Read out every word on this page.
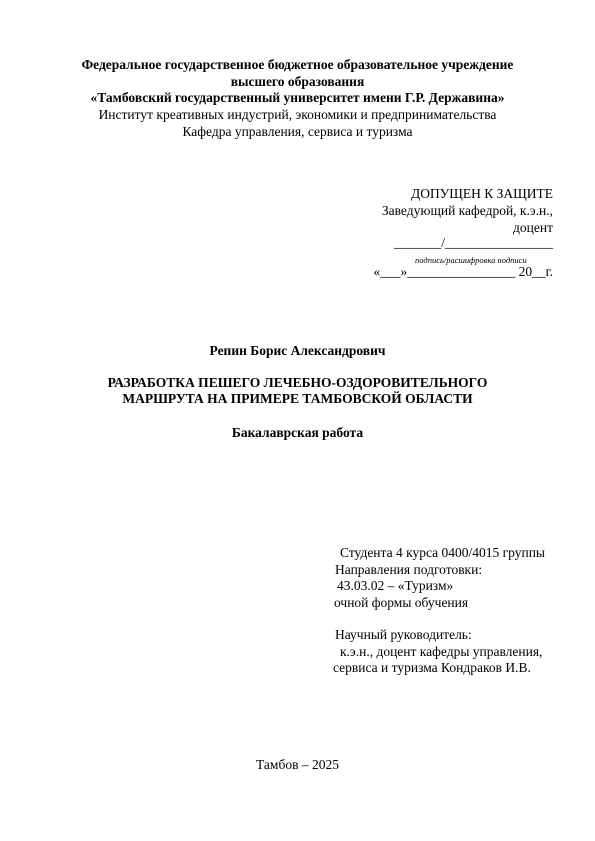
Федеральное государственное бюджетное образовательное учреждение
высшего образования
«Тамбовский государственный университет имени Г.Р. Державина»
Институт креативных индустрий, экономики и предпринимательства
Кафедра управления, сервиса и туризма
ДОПУЩЕН К ЗАЩИТЕ
Заведующий кафедрой, к.э.н.,
доцент
_______/________________
подпись/расшифровка подписи
«___»________________ 20__г.
Репин Борис Александрович
РАЗРАБОТКА ПЕШЕГО ЛЕЧЕБНО-ОЗДОРОВИТЕЛЬНОГО
МАРШРУТА НА ПРИМЕРЕ ТАМБОВСКОЙ ОБЛАСТИ
Бакалаврская работа
Студента 4 курса 0400/4015 группы
Направления подготовки:
43.03.02 – «Туризм»
очной формы обучения
Научный руководитель:
к.э.н., доцент кафедры управления,
сервиса и туризма Кондраков И.В.
Тамбов – 2025
